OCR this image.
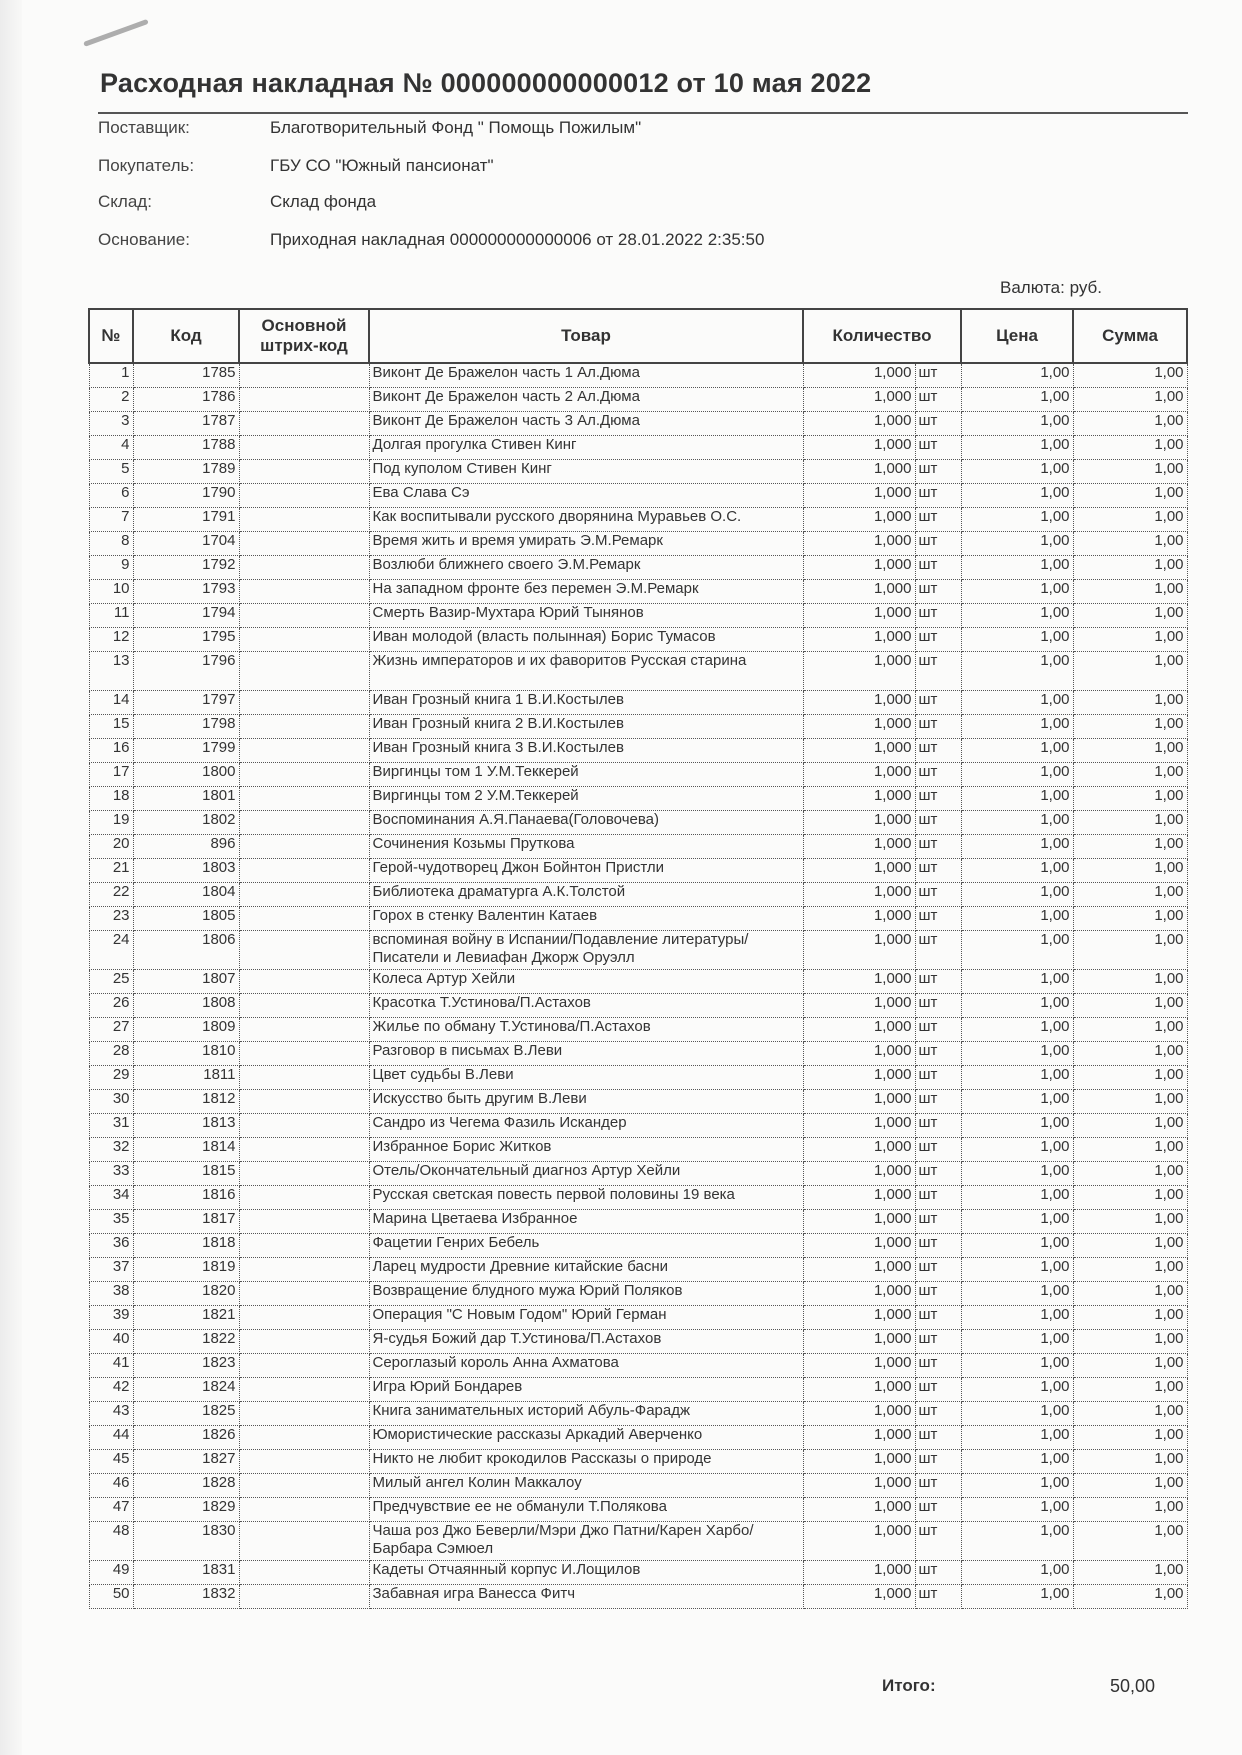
Расходная накладная № 000000000000012 от 10 мая 2022
Поставщик:	Благотворительный Фонд " Помощь Пожилым"
Покупатель:	ГБУ СО "Южный пансионат"
Склад:	Склад фонда
Основание:	Приходная накладная 000000000000006 от 28.01.2022 2:35:50
Валюта: руб.
№	Код	Основной штрих-код	Товар	Количество		Цена	Сумма
1	1785		Виконт Де Бражелон часть 1 Ал.Дюма	1,000	шт	1,00	1,00
2	1786		Виконт Де Бражелон часть 2 Ал.Дюма	1,000	шт	1,00	1,00
3	1787		Виконт Де Бражелон часть 3 Ал.Дюма	1,000	шт	1,00	1,00
4	1788		Долгая прогулка Стивен Кинг	1,000	шт	1,00	1,00
5	1789		Под куполом Стивен Кинг	1,000	шт	1,00	1,00
6	1790		Ева Слава Сэ	1,000	шт	1,00	1,00
7	1791		Как воспитывали русского дворянина Муравьев О.С.	1,000	шт	1,00	1,00
8	1704		Время жить и время умирать Э.М.Ремарк	1,000	шт	1,00	1,00
9	1792		Возлюби ближнего своего Э.М.Ремарк	1,000	шт	1,00	1,00
10	1793		На западном фронте без перемен Э.М.Ремарк	1,000	шт	1,00	1,00
11	1794		Смерть Вазир-Мухтара Юрий Тынянов	1,000	шт	1,00	1,00
12	1795		Иван молодой (власть полынная) Борис Тумасов	1,000	шт	1,00	1,00
13	1796		Жизнь императоров и их фаворитов Русская старина	1,000	шт	1,00	1,00
14	1797		Иван Грозный книга 1 В.И.Костылев	1,000	шт	1,00	1,00
15	1798		Иван Грозный книга 2 В.И.Костылев	1,000	шт	1,00	1,00
16	1799		Иван Грозный книга 3 В.И.Костылев	1,000	шт	1,00	1,00
17	1800		Виргинцы том 1 У.М.Теккерей	1,000	шт	1,00	1,00
18	1801		Виргинцы том 2 У.М.Теккерей	1,000	шт	1,00	1,00
19	1802		Воспоминания А.Я.Панаева(Головочева)	1,000	шт	1,00	1,00
20	896		Сочинения Козьмы Пруткова	1,000	шт	1,00	1,00
21	1803		Герой-чудотворец Джон Бойнтон Пристли	1,000	шт	1,00	1,00
22	1804		Библиотека драматурга А.К.Толстой	1,000	шт	1,00	1,00
23	1805		Горох в стенку Валентин Катаев	1,000	шт	1,00	1,00
24	1806		вспоминая войну в Испании/Подавление литературы/Писатели и Левиафан Джорж Оруэлл	1,000	шт	1,00	1,00
25	1807		Колеса Артур Хейли	1,000	шт	1,00	1,00
26	1808		Красотка Т.Устинова/П.Астахов	1,000	шт	1,00	1,00
27	1809		Жилье по обману Т.Устинова/П.Астахов	1,000	шт	1,00	1,00
28	1810		Разговор в письмах В.Леви	1,000	шт	1,00	1,00
29	1811		Цвет судьбы В.Леви	1,000	шт	1,00	1,00
30	1812		Искусство быть другим В.Леви	1,000	шт	1,00	1,00
31	1813		Сандро из Чегема Фазиль Искандер	1,000	шт	1,00	1,00
32	1814		Избранное Борис Житков	1,000	шт	1,00	1,00
33	1815		Отель/Окончательный диагноз Артур Хейли	1,000	шт	1,00	1,00
34	1816		Русская светская повесть первой половины 19 века	1,000	шт	1,00	1,00
35	1817		Марина Цветаева Избранное	1,000	шт	1,00	1,00
36	1818		Фацетии Генрих Бебель	1,000	шт	1,00	1,00
37	1819		Ларец мудрости Древние китайские басни	1,000	шт	1,00	1,00
38	1820		Возвращение блудного мужа Юрий Поляков	1,000	шт	1,00	1,00
39	1821		Операция "С Новым Годом" Юрий Герман	1,000	шт	1,00	1,00
40	1822		Я-судья Божий дар Т.Устинова/П.Астахов	1,000	шт	1,00	1,00
41	1823		Сероглазый король Анна Ахматова	1,000	шт	1,00	1,00
42	1824		Игра Юрий Бондарев	1,000	шт	1,00	1,00
43	1825		Книга занимательных историй Абуль-Фарадж	1,000	шт	1,00	1,00
44	1826		Юмористические рассказы Аркадий Аверченко	1,000	шт	1,00	1,00
45	1827		Никто не любит крокодилов Рассказы о природе	1,000	шт	1,00	1,00
46	1828		Милый ангел Колин Маккалоу	1,000	шт	1,00	1,00
47	1829		Предчувствие ее не обманули Т.Полякова	1,000	шт	1,00	1,00
48	1830		Чаша роз Джо Беверли/Мэри Джо Патни/Карен Харбо/Барбара Сэмюел	1,000	шт	1,00	1,00
49	1831		Кадеты Отчаянный корпус И.Лощилов	1,000	шт	1,00	1,00
50	1832		Забавная игра Ванесса Фитч	1,000	шт	1,00	1,00
Итого:	50,00
